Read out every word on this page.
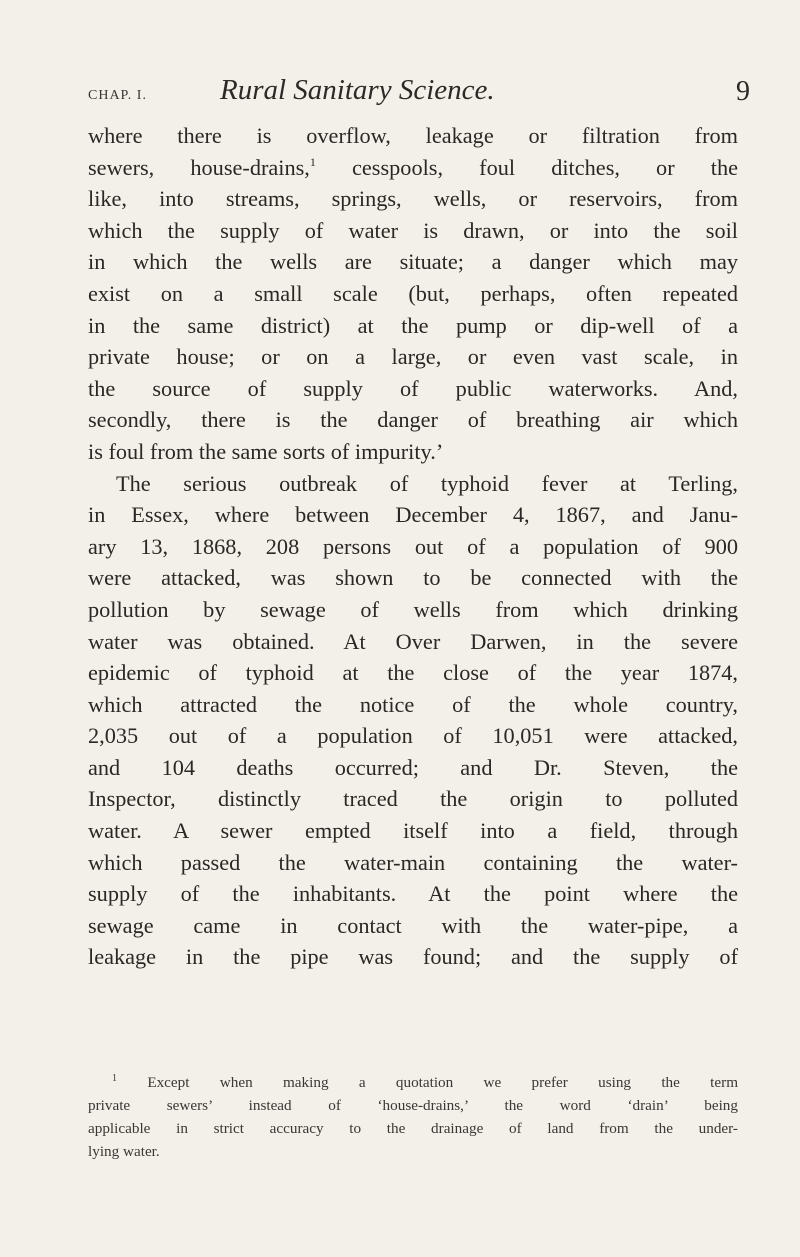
CHAP. I.	Rural Sanitary Science.	9
where there is overflow, leakage or filtration from
sewers, house-drains,$^1$ cesspools, foul ditches, or the
like, into streams, springs, wells, or reservoirs, from
which the supply of water is drawn, or into the soil
in which the wells are situate; a danger which may
exist on a small scale (but, perhaps, often repeated
in the same district) at the pump or dip-well of a
private house; or on a large, or even vast scale, in
the source of supply of public waterworks. And,
secondly, there is the danger of breathing air which
is foul from the same sorts of impurity.’
The serious outbreak of typhoid fever at Terling,
in Essex, where between December 4, 1867, and Janu-
ary 13, 1868, 208 persons out of a population of 900
were attacked, was shown to be connected with the
pollution by sewage of wells from which drinking
water was obtained. At Over Darwen, in the severe
epidemic of typhoid at the close of the year 1874,
which attracted the notice of the whole country,
2,035 out of a population of 10,051 were attacked,
and 104 deaths occurred; and Dr. Steven, the
Inspector, distinctly traced the origin to polluted
water. A sewer empted itself into a field, through
which passed the water-main containing the water-
supply of the inhabitants. At the point where the
sewage came in contact with the water-pipe, a
leakage in the pipe was found; and the supply of
$^1$ Except when making a quotation we prefer using the term
private sewers’ instead of ‘house-drains,’ the word ‘drain’ being
applicable in strict accuracy to the drainage of land from the under-
lying water.
